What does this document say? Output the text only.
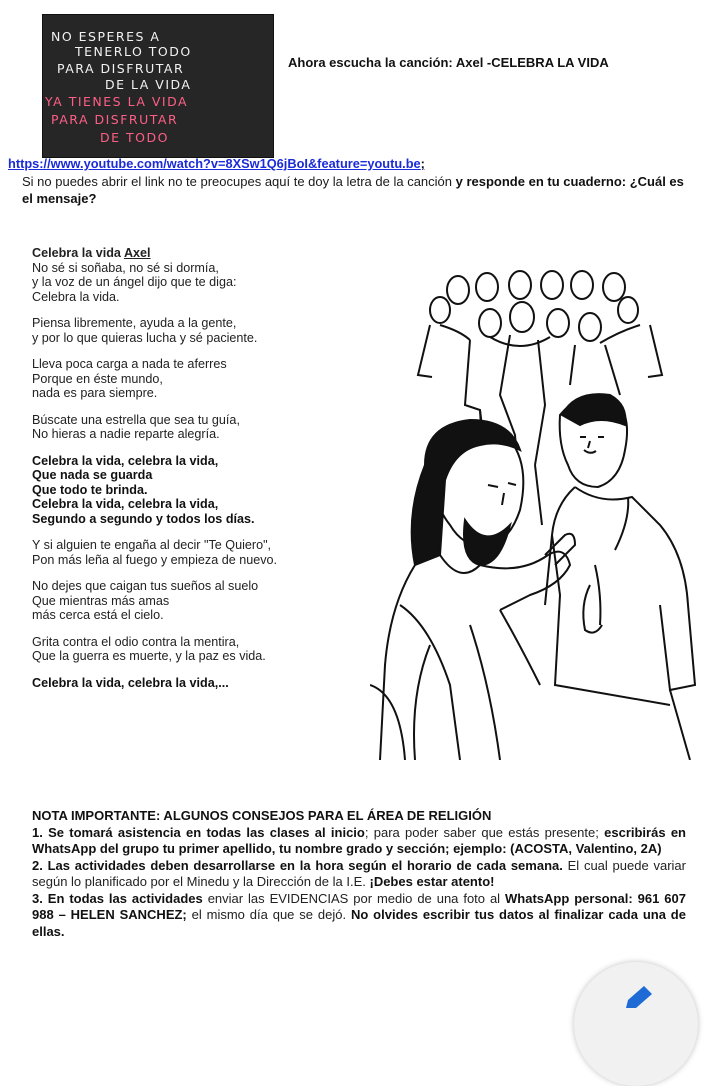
NO ESPERES A
TENERLO TODO
PARA DISFRUTAR
DE LA VIDA
YA TIENES LA VIDA
PARA DISFRUTAR
DE TODO
Ahora escucha la canción: Axel -CELEBRA LA VIDA
https://www.youtube.com/watch?v=8XSw1Q6jBoI&feature=youtu.be;
Si no puedes abrir el link no te preocupes aquí te doy la letra de la canción y responde en tu cuaderno: ¿Cuál es el mensaje?
Celebra la vida Axel

No sé si soñaba, no sé si dormía,
y la voz de un ángel dijo que te diga:
Celebra la vida.

Piensa libremente, ayuda a la gente,
y por lo que quieras lucha y sé paciente.

Lleva poca carga a nada te aferres
Porque en éste mundo,
nada es para siempre.

Búscate una estrella que sea tu guía,
No hieras a nadie reparte alegría.

Celebra la vida, celebra la vida,
Que nada se guarda
Que todo te brinda.
Celebra la vida, celebra la vida,
Segundo a segundo y todos los días.

Y si alguien te engaña al decir "Te Quiero",
Pon más leña al fuego y empieza de nuevo.

No dejes que caigan tus sueños al suelo
Que mientras más amas
más cerca está el cielo.

Grita contra el odio contra la mentira,
Que la guerra es muerte, y la paz es vida.

Celebra la vida, celebra la vida,...

NOTA IMPORTANTE: ALGUNOS CONSEJOS PARA EL ÁREA DE RELIGIÓN

1. Se tomará asistencia en todas las clases al inicio; para poder saber que estás presente; escribirás en WhatsApp del grupo tu primer apellido, tu nombre grado y sección; ejemplo: (ACOSTA, Valentino, 2A)

2. Las actividades deben desarrollarse en la hora según el horario de cada semana. El cual puede variar según lo planificado por el Minedu y la Dirección de la I.E. ¡Debes estar atento!

3. En todas las actividades enviar las EVIDENCIAS por medio de una foto al WhatsApp personal: 961 607 988 – HELEN SANCHEZ; el mismo día que se dejó. No olvides escribir tus datos al finalizar cada una de ellas.
